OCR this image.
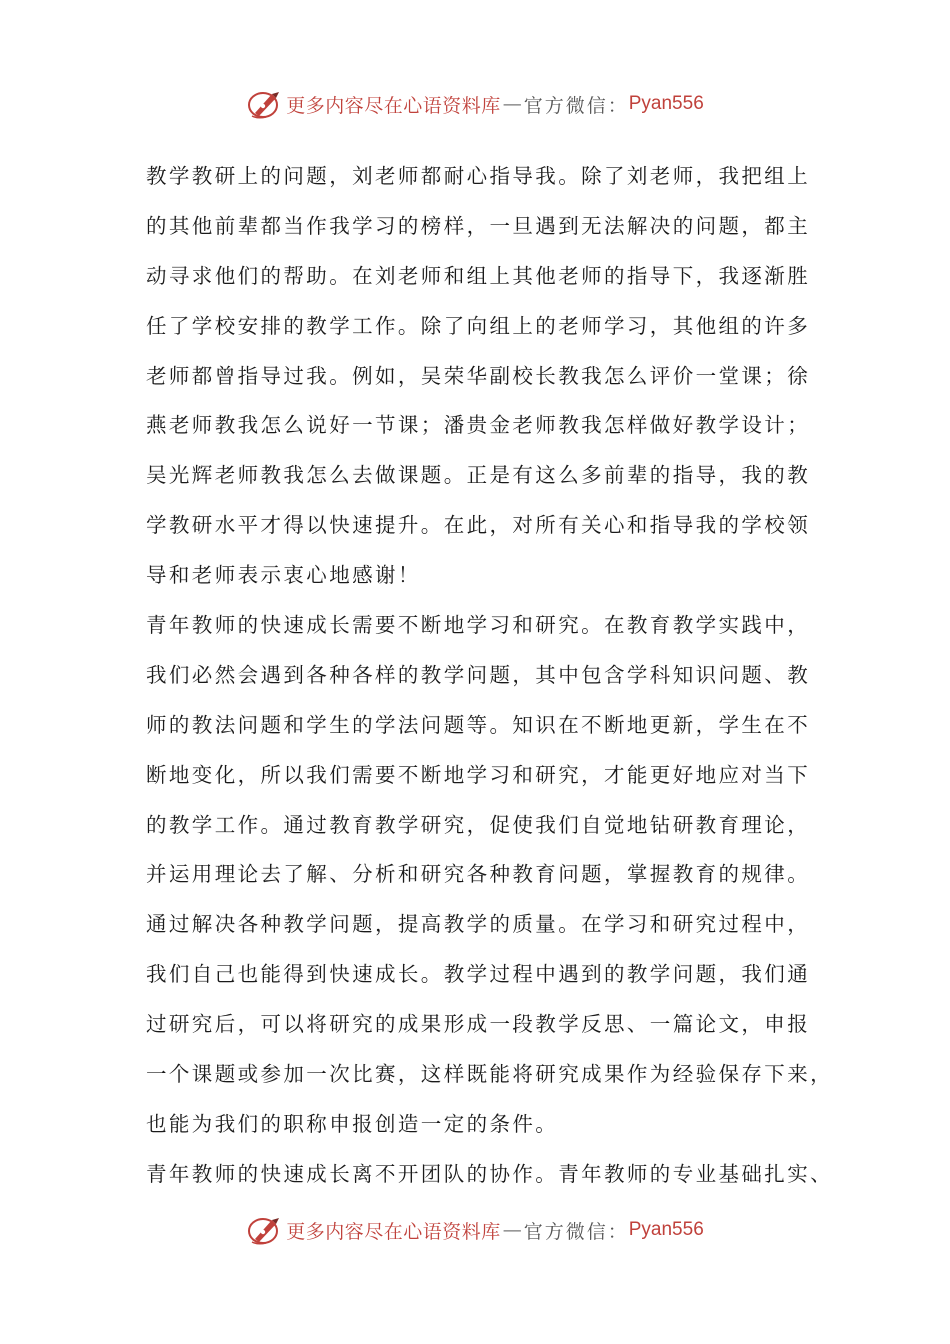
更多内容尽在心语资料库 — 官方微信： Pyan556
教学教研上的问题，刘老师都耐心指导我。除了刘老师，我把组上
的其他前辈都当作我学习的榜样，一旦遇到无法解决的问题，都主
动寻求他们的帮助。在刘老师和组上其他老师的指导下，我逐渐胜
任了学校安排的教学工作。除了向组上的老师学习，其他组的许多
老师都曾指导过我。例如，吴荣华副校长教我怎么评价一堂课；徐
燕老师教我怎么说好一节课；潘贵金老师教我怎样做好教学设计；
吴光辉老师教我怎么去做课题。正是有这么多前辈的指导，我的教
学教研水平才得以快速提升。在此，对所有关心和指导我的学校领
导和老师表示衷心地感谢！
青年教师的快速成长需要不断地学习和研究。在教育教学实践中，
我们必然会遇到各种各样的教学问题，其中包含学科知识问题、教
师的教法问题和学生的学法问题等。知识在不断地更新，学生在不
断地变化，所以我们需要不断地学习和研究，才能更好地应对当下
的教学工作。通过教育教学研究，促使我们自觉地钻研教育理论，
并运用理论去了解、分析和研究各种教育问题，掌握教育的规律。
通过解决各种教学问题，提高教学的质量。在学习和研究过程中，
我们自己也能得到快速成长。教学过程中遇到的教学问题，我们通
过研究后，可以将研究的成果形成一段教学反思、一篇论文，申报
一个课题或参加一次比赛，这样既能将研究成果作为经验保存下来，
也能为我们的职称申报创造一定的条件。
青年教师的快速成长离不开团队的协作。青年教师的专业基础扎实、
更多内容尽在心语资料库 — 官方微信： Pyan556
